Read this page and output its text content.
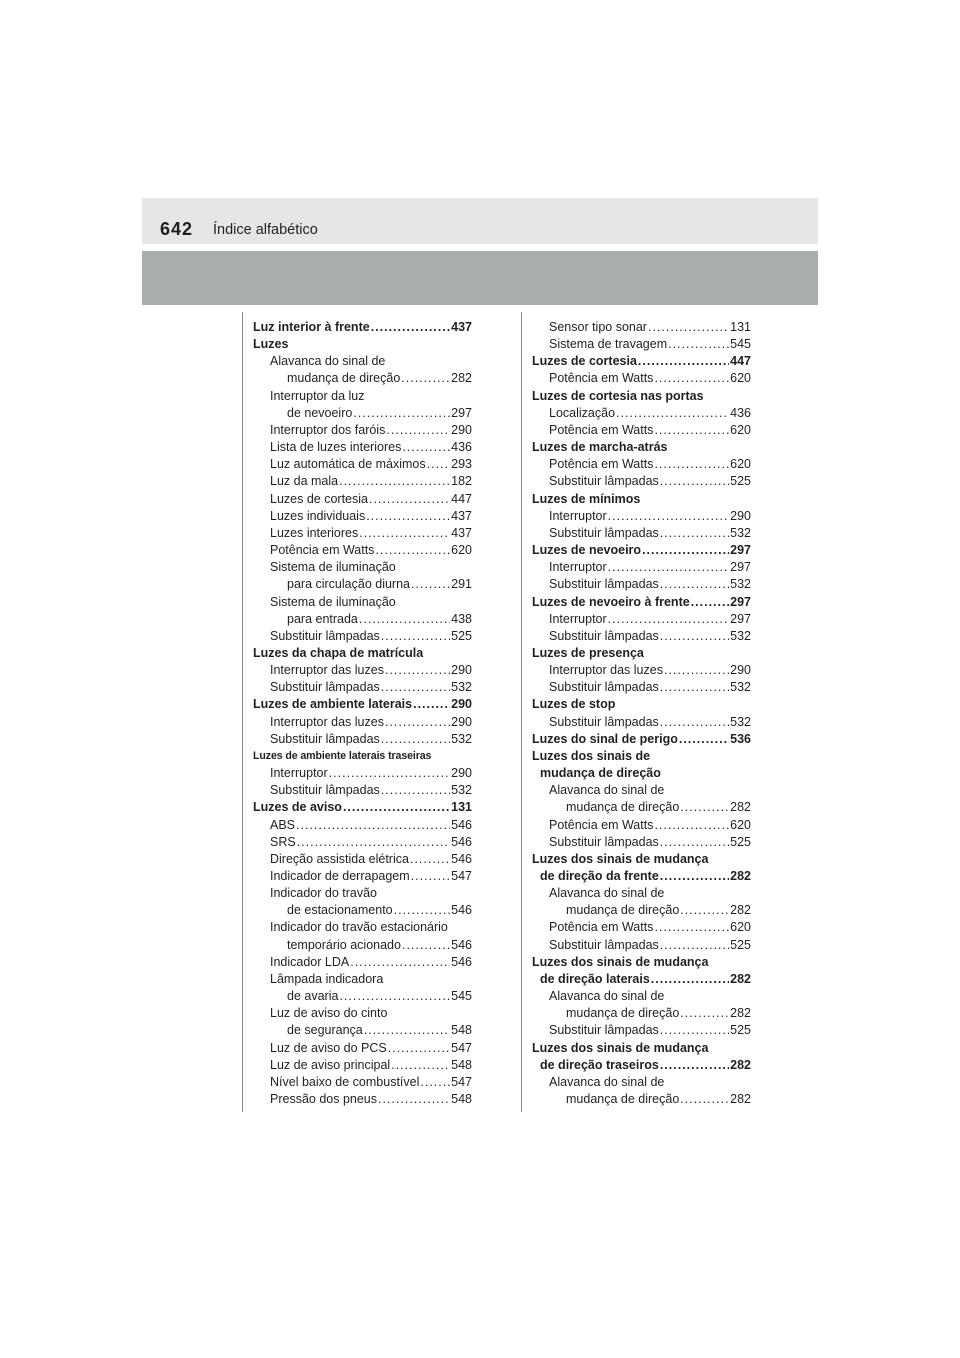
642 Índice alfabético
Luz interior à frente .....	437
Luzes
Alavanca do sinal de
mudança de direção .....	282
Interruptor da luz
de nevoeiro .....	297
Interruptor dos faróis .....	290
Lista de luzes interiores .....	436
Luz automática de máximos ..... 293
Luz da mala .....	182
Luzes de cortesia .....	447
Luzes individuais .....	437
Luzes interiores .....	437
Potência em Watts .....	620
Sistema de iluminação
para circulação diurna .....	291
Sistema de iluminação
para entrada .....	438
Substituir lâmpadas .....	525
Luzes da chapa de matrícula
Interruptor das luzes .....	290
Substituir lâmpadas .....	532
Luzes de ambiente laterais .....	290
Interruptor das luzes .....	290
Substituir lâmpadas .....	532
Luzes de ambiente laterais traseiras
Interruptor .....	290
Substituir lâmpadas .....	532
Luzes de aviso .....	131
ABS .....	546
SRS .....	546
Direção assistida elétrica .....	546
Indicador de derrapagem .....	547
Indicador do travão
de estacionamento .....	546
Indicador do travão estacionário
temporário acionado .....	546
Indicador LDA .....	546
Lâmpada indicadora
de avaria .....	545
Luz de aviso do cinto
de segurança .....	548
Luz de aviso do PCS .....	547
Luz de aviso principal .....	548
Nível baixo de combustível .....	547
Pressão dos pneus .....	548
Sensor tipo sonar .....	131
Sistema de travagem .....	545
Luzes de cortesia .....	447
Potência em Watts .....	620
Luzes de cortesia nas portas
Localização .....	436
Potência em Watts .....	620
Luzes de marcha-atrás
Potência em Watts .....	620
Substituir lâmpadas .....	525
Luzes de mínimos
Interruptor .....	290
Substituir lâmpadas .....	532
Luzes de nevoeiro .....	297
Interruptor .....	297
Substituir lâmpadas .....	532
Luzes de nevoeiro à frente .....	297
Interruptor .....	297
Substituir lâmpadas .....	532
Luzes de presença
Interruptor das luzes .....	290
Substituir lâmpadas .....	532
Luzes de stop
Substituir lâmpadas .....	532
Luzes do sinal de perigo .....	536
Luzes dos sinais de
mudança de direção
Alavanca do sinal de
mudança de direção .....	282
Potência em Watts .....	620
Substituir lâmpadas .....	525
Luzes dos sinais de mudança
de direção da frente .....	282
Alavanca do sinal de
mudança de direção .....	282
Potência em Watts .....	620
Substituir lâmpadas .....	525
Luzes dos sinais de mudança
de direção laterais .....	282
Alavanca do sinal de
mudança de direção .....	282
Substituir lâmpadas .....	525
Luzes dos sinais de mudança
de direção traseiros .....	282
Alavanca do sinal de
mudança de direção .....	282
